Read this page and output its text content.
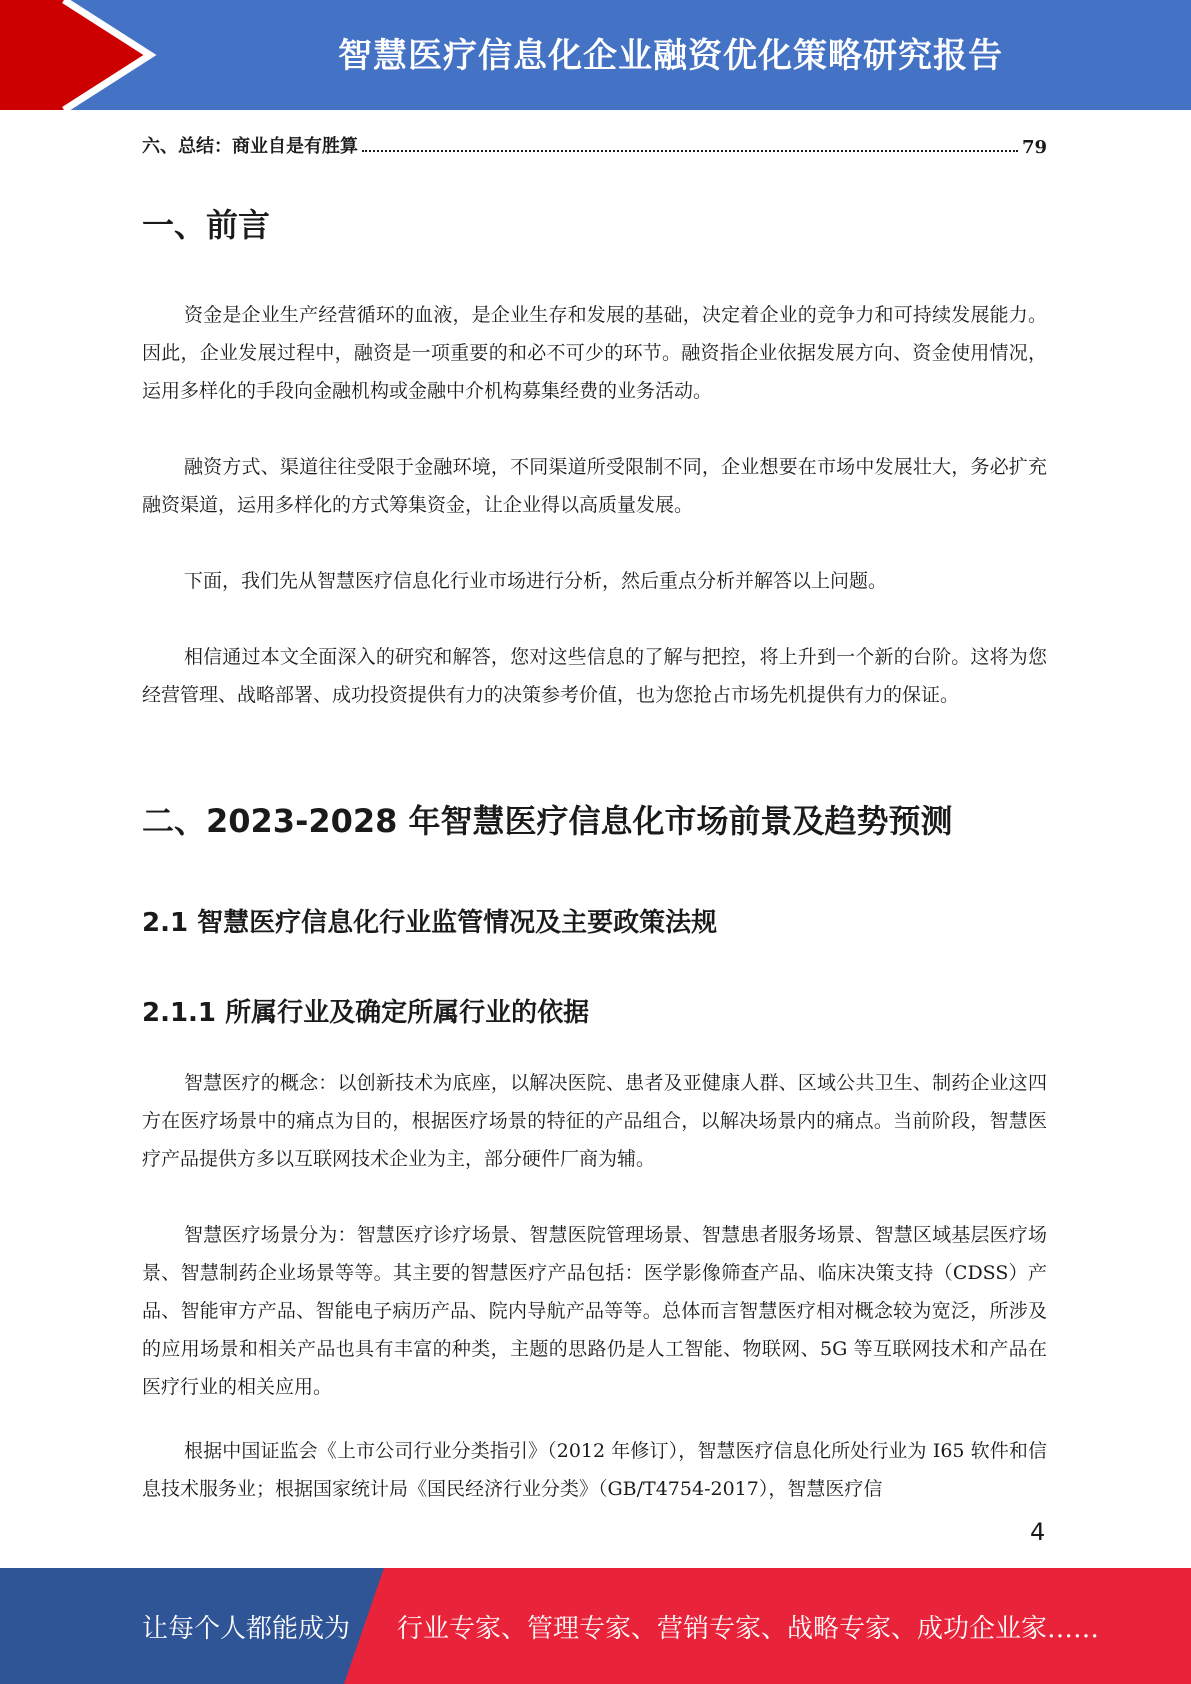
智慧医疗信息化企业融资优化策略研究报告
六、总结：商业自是有胜算	79
一、前言
资金是企业生产经营循环的血液，是企业生存和发展的基础，决定着企业的竞争力和可持续发展能力。因此，企业发展过程中，融资是一项重要的和必不可少的环节。融资指企业依据发展方向、资金使用情况，运用多样化的手段向金融机构或金融中介机构募集经费的业务活动。
融资方式、渠道往往受限于金融环境，不同渠道所受限制不同，企业想要在市场中发展壮大，务必扩充融资渠道，运用多样化的方式筹集资金，让企业得以高质量发展。
下面，我们先从智慧医疗信息化行业市场进行分析，然后重点分析并解答以上问题。
相信通过本文全面深入的研究和解答，您对这些信息的了解与把控，将上升到一个新的台阶。这将为您经营管理、战略部署、成功投资提供有力的决策参考价值，也为您抢占市场先机提供有力的保证。
二、2023-2028 年智慧医疗信息化市场前景及趋势预测
2.1 智慧医疗信息化行业监管情况及主要政策法规
2.1.1 所属行业及确定所属行业的依据
智慧医疗的概念：以创新技术为底座，以解决医院、患者及亚健康人群、区域公共卫生、制药企业这四方在医疗场景中的痛点为目的，根据医疗场景的特征的产品组合，以解决场景内的痛点。当前阶段，智慧医疗产品提供方多以互联网技术企业为主，部分硬件厂商为辅。
智慧医疗场景分为：智慧医疗诊疗场景、智慧医院管理场景、智慧患者服务场景、智慧区域基层医疗场景、智慧制药企业场景等等。其主要的智慧医疗产品包括：医学影像筛查产品、临床决策支持（CDSS）产品、智能审方产品、智能电子病历产品、院内导航产品等等。总体而言智慧医疗相对概念较为宽泛，所涉及的应用场景和相关产品也具有丰富的种类，主题的思路仍是人工智能、物联网、5G 等互联网技术和产品在医疗行业的相关应用。
根据中国证监会《上市公司行业分类指引》（2012 年修订），智慧医疗信息化所处行业为 I65 软件和信息技术服务业；根据国家统计局《国民经济行业分类》（GB/T4754-2017），智慧医疗信
4
让每个人都能成为 行业专家、管理专家、营销专家、战略专家、成功企业家……
